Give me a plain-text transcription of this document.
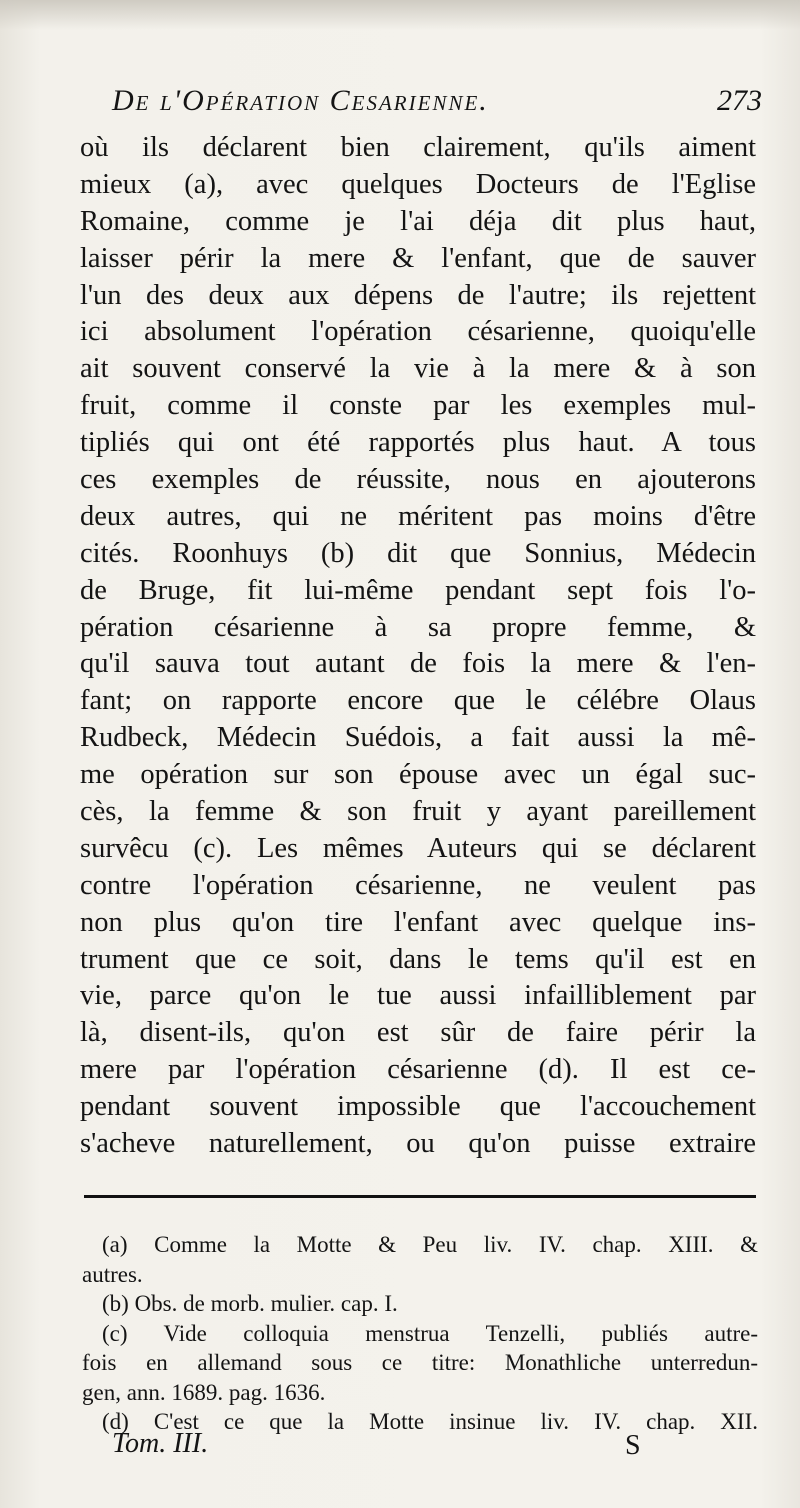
De l'Opération Cesarienne.	273
où ils déclarent bien clairement, qu'ils aiment
mieux (a), avec quelques Docteurs de l'Eglise
Romaine, comme je l'ai déja dit plus haut,
laisser périr la mere & l'enfant, que de sauver
l'un des deux aux dépens de l'autre; ils rejettent
ici absolument l'opération césarienne, quoiqu'elle
ait souvent conservé la vie à la mere & à son
fruit, comme il conste par les exemples mul-
tipliés qui ont été rapportés plus haut. A tous
ces exemples de réussite, nous en ajouterons
deux autres, qui ne méritent pas moins d'être
cités. Roonhuys (b) dit que Sonnius, Médecin
de Bruge, fit lui-même pendant sept fois l'o-
pération césarienne à sa propre femme, &
qu'il sauva tout autant de fois la mere & l'en-
fant; on rapporte encore que le célébre Olaus
Rudbeck, Médecin Suédois, a fait aussi la mê-
me opération sur son épouse avec un égal suc-
cès, la femme & son fruit y ayant pareillement
survêcu (c). Les mêmes Auteurs qui se déclarent
contre l'opération césarienne, ne veulent pas
non plus qu'on tire l'enfant avec quelque ins-
trument que ce soit, dans le tems qu'il est en
vie, parce qu'on le tue aussi infailliblement par
là, disent-ils, qu'on est sûr de faire périr la
mere par l'opération césarienne (d). Il est ce-
pendant souvent impossible que l'accouchement
s'acheve naturellement, ou qu'on puisse extraire
(a) Comme la Motte & Peu liv. IV. chap. XIII. &
autres.
(b) Obs. de morb. mulier. cap. I.
(c) Vide colloquia menstrua Tenzelli, publiés autre-
fois en allemand sous ce titre: Monathliche unterredun-
gen, ann. 1689. pag. 1636.
(d) C'est ce que la Motte insinue liv. IV. chap. XII.
Tom. III.	S
